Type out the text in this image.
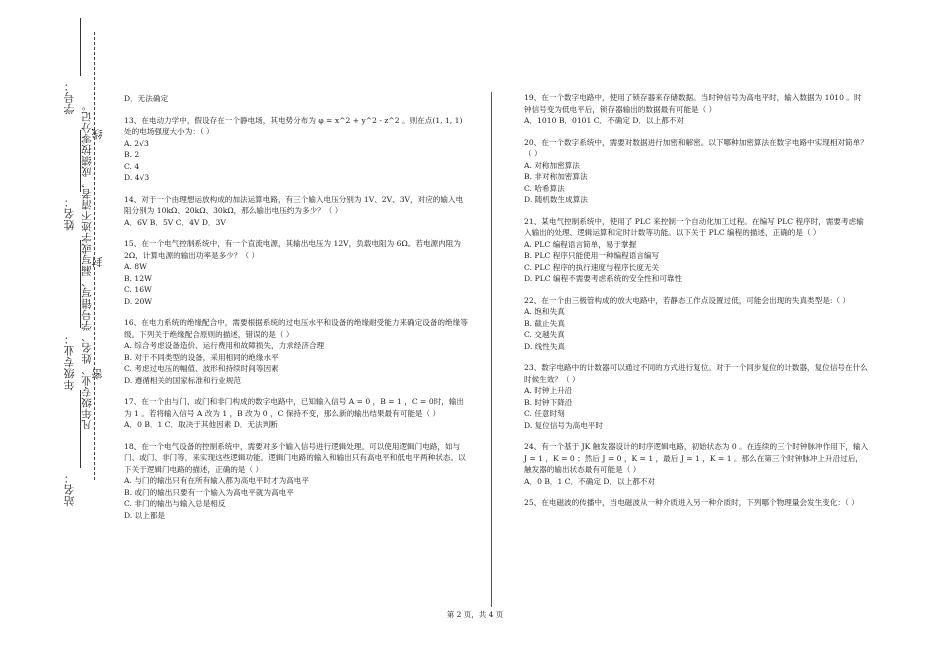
学号：
姓名：
年级专业：
站名：
凡年级专业、姓名、学号错写、漏写或字迹不清者，成绩按零分记。
线
封
密
D．无法确定
13、在电动力学中，假设存在一个静电场，其电势分布为 φ = x^2 + y^2 - z^2 。则在点(1, 1, 1) 处的电场强度大小为：（ ）
A. 2√3
B. 2
C. 4
D. 4√3
14、对于一个由理想运放构成的加法运算电路，有三个输入电压分别为 1V、2V、3V，对应的输入电阻分别为 10kΩ、20kΩ、30kΩ，那么输出电压约为多少？（ ）
A．6V B．5V C．4V D．3V
15、在一个电气控制系统中，有一个直流电源，其输出电压为 12V，负载电阻为 6Ω。若电源内阻为 2Ω，计算电源的输出功率是多少？（ ）
A. 8W
B. 12W
C. 16W
D. 20W
16、在电力系统的绝缘配合中，需要根据系统的过电压水平和设备的绝缘耐受能力来确定设备的绝缘等级。下列关于绝缘配合原则的描述，错误的是（ ）
A. 综合考虑设备造价、运行费用和故障损失，力求经济合理
B. 对于不同类型的设备，采用相同的绝缘水平
C. 考虑过电压的幅值、波形和持续时间等因素
D. 遵循相关的国家标准和行业规范
17、在一个由与门、或门和非门构成的数字电路中，已知输入信号 A = 0 ，B = 1 ，C = 0时，输出为 1 。若将输入信号 A 改为 1 ，B 改为 0 ，C 保持不变，那么新的输出结果最有可能是（ ）
A．0 B．1 C．取决于其他因素 D．无法判断
18、在一个电气设备的控制系统中，需要对多个输入信号进行逻辑处理。可以使用逻辑门电路，如与门、或门、非门等，来实现这些逻辑功能。逻辑门电路的输入和输出只有高电平和低电平两种状态。以下关于逻辑门电路的描述，正确的是（ ）
A. 与门的输出只有在所有输入都为高电平时才为高电平
B. 或门的输出只要有一个输入为高电平就为高电平
C. 非门的输出与输入总是相反
D. 以上都是
19、在一个数字电路中，使用了锁存器来存储数据。当时钟信号为高电平时，输入数据为 1010 。时钟信号变为低电平后，锁存器输出的数据最有可能是（ ）
A．1010 B．0101 C．不确定 D．以上都不对
20、在一个数字系统中，需要对数据进行加密和解密。以下哪种加密算法在数字电路中实现相对简单？（ ）
A. 对称加密算法
B. 非对称加密算法
C. 哈希算法
D. 随机数生成算法
21、某电气控制系统中，使用了 PLC 来控制一个自动化加工过程。在编写 PLC 程序时，需要考虑输入输出的处理、逻辑运算和定时计数等功能。以下关于 PLC 编程的描述，正确的是（ ）
A. PLC 编程语言简单，易于掌握
B. PLC 程序只能使用一种编程语言编写
C. PLC 程序的执行速度与程序长度无关
D. PLC 编程不需要考虑系统的安全性和可靠性
22、在一个由三极管构成的放大电路中，若静态工作点设置过低，可能会出现的失真类型是:（ ）
A. 饱和失真
B. 截止失真
C. 交越失真
D. 线性失真
23、数字电路中的计数器可以通过不同的方式进行复位。对于一个同步复位的计数器，复位信号在什么时候生效？（ ）
A. 时钟上升沿
B. 时钟下降沿
C. 任意时刻
D. 复位信号为高电平时
24、有一个基于 JK 触发器设计的时序逻辑电路，初始状态为 0 。在连续的三个时钟脉冲作用下，输入 J = 1 ，K = 0 ；然后 J = 0 ，K = 1 ，最后 J = 1 ，K = 1 。那么在第三个时钟脉冲上升沿过后，触发器的输出状态最有可能是（ ）
A．0 B．1 C．不确定 D．以上都不对
25、在电磁波的传播中，当电磁波从一种介质进入另一种介质时，下列哪个物理量会发生变化：（ ）
第 2 页，共 4 页
